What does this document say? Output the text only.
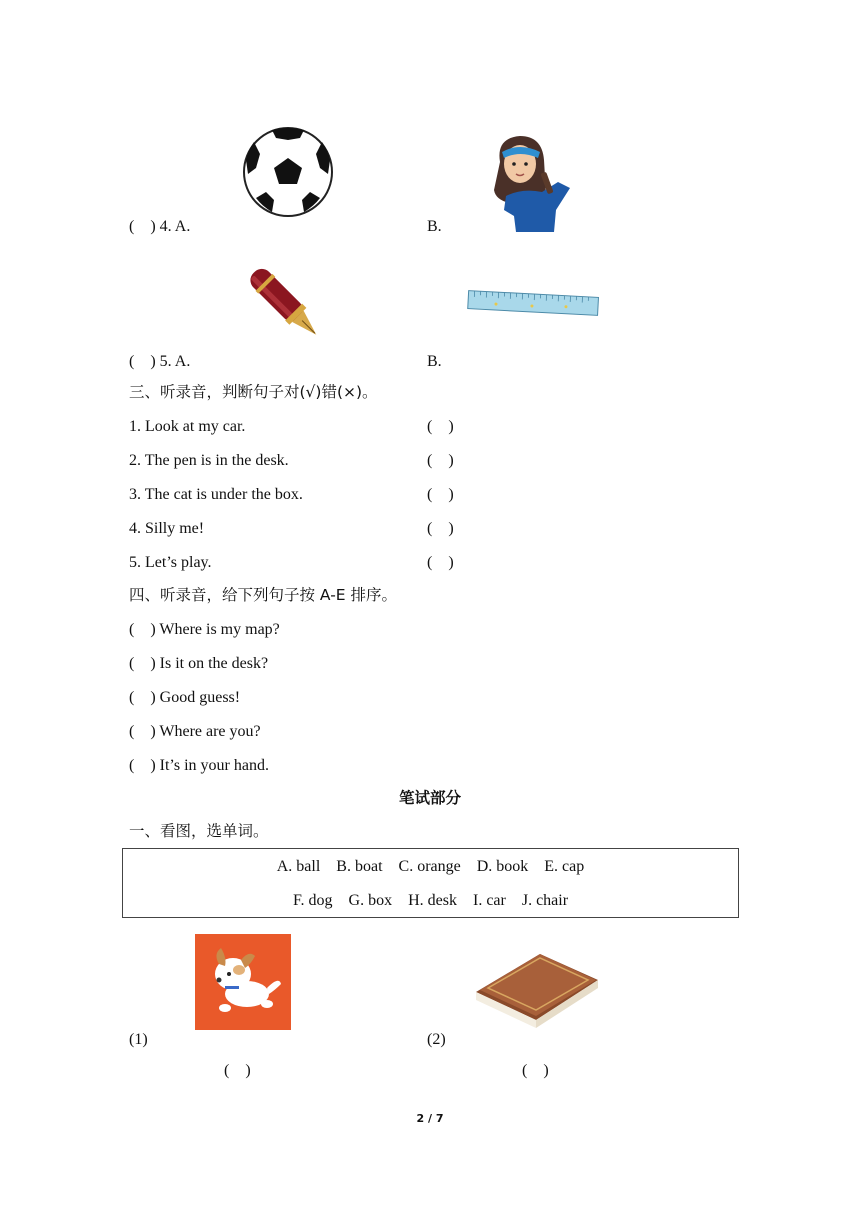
(    ) 4. A.	B.
(    ) 5. A.	B.
三、听录音，判断句子对(√)错(×)。
1. Look at my car.	(    )
2. The pen is in the desk.	(    )
3. The cat is under the box.	(    )
4. Silly me!	(    )
5. Let’s play.	(    )
四、听录音，给下列句子按 A-E 排序。
(    ) Where is my map?
(    ) Is it on the desk?
(    ) Good guess!
(    ) Where are you?
(    ) It’s in your hand.
笔试部分
一、看图，选单词。
A. ball    B. boat    C. orange    D. book    E. cap
F. dog    G. box    H. desk    I. car    J. chair
(1)	(2)
(    )	(    )
2 / 7
